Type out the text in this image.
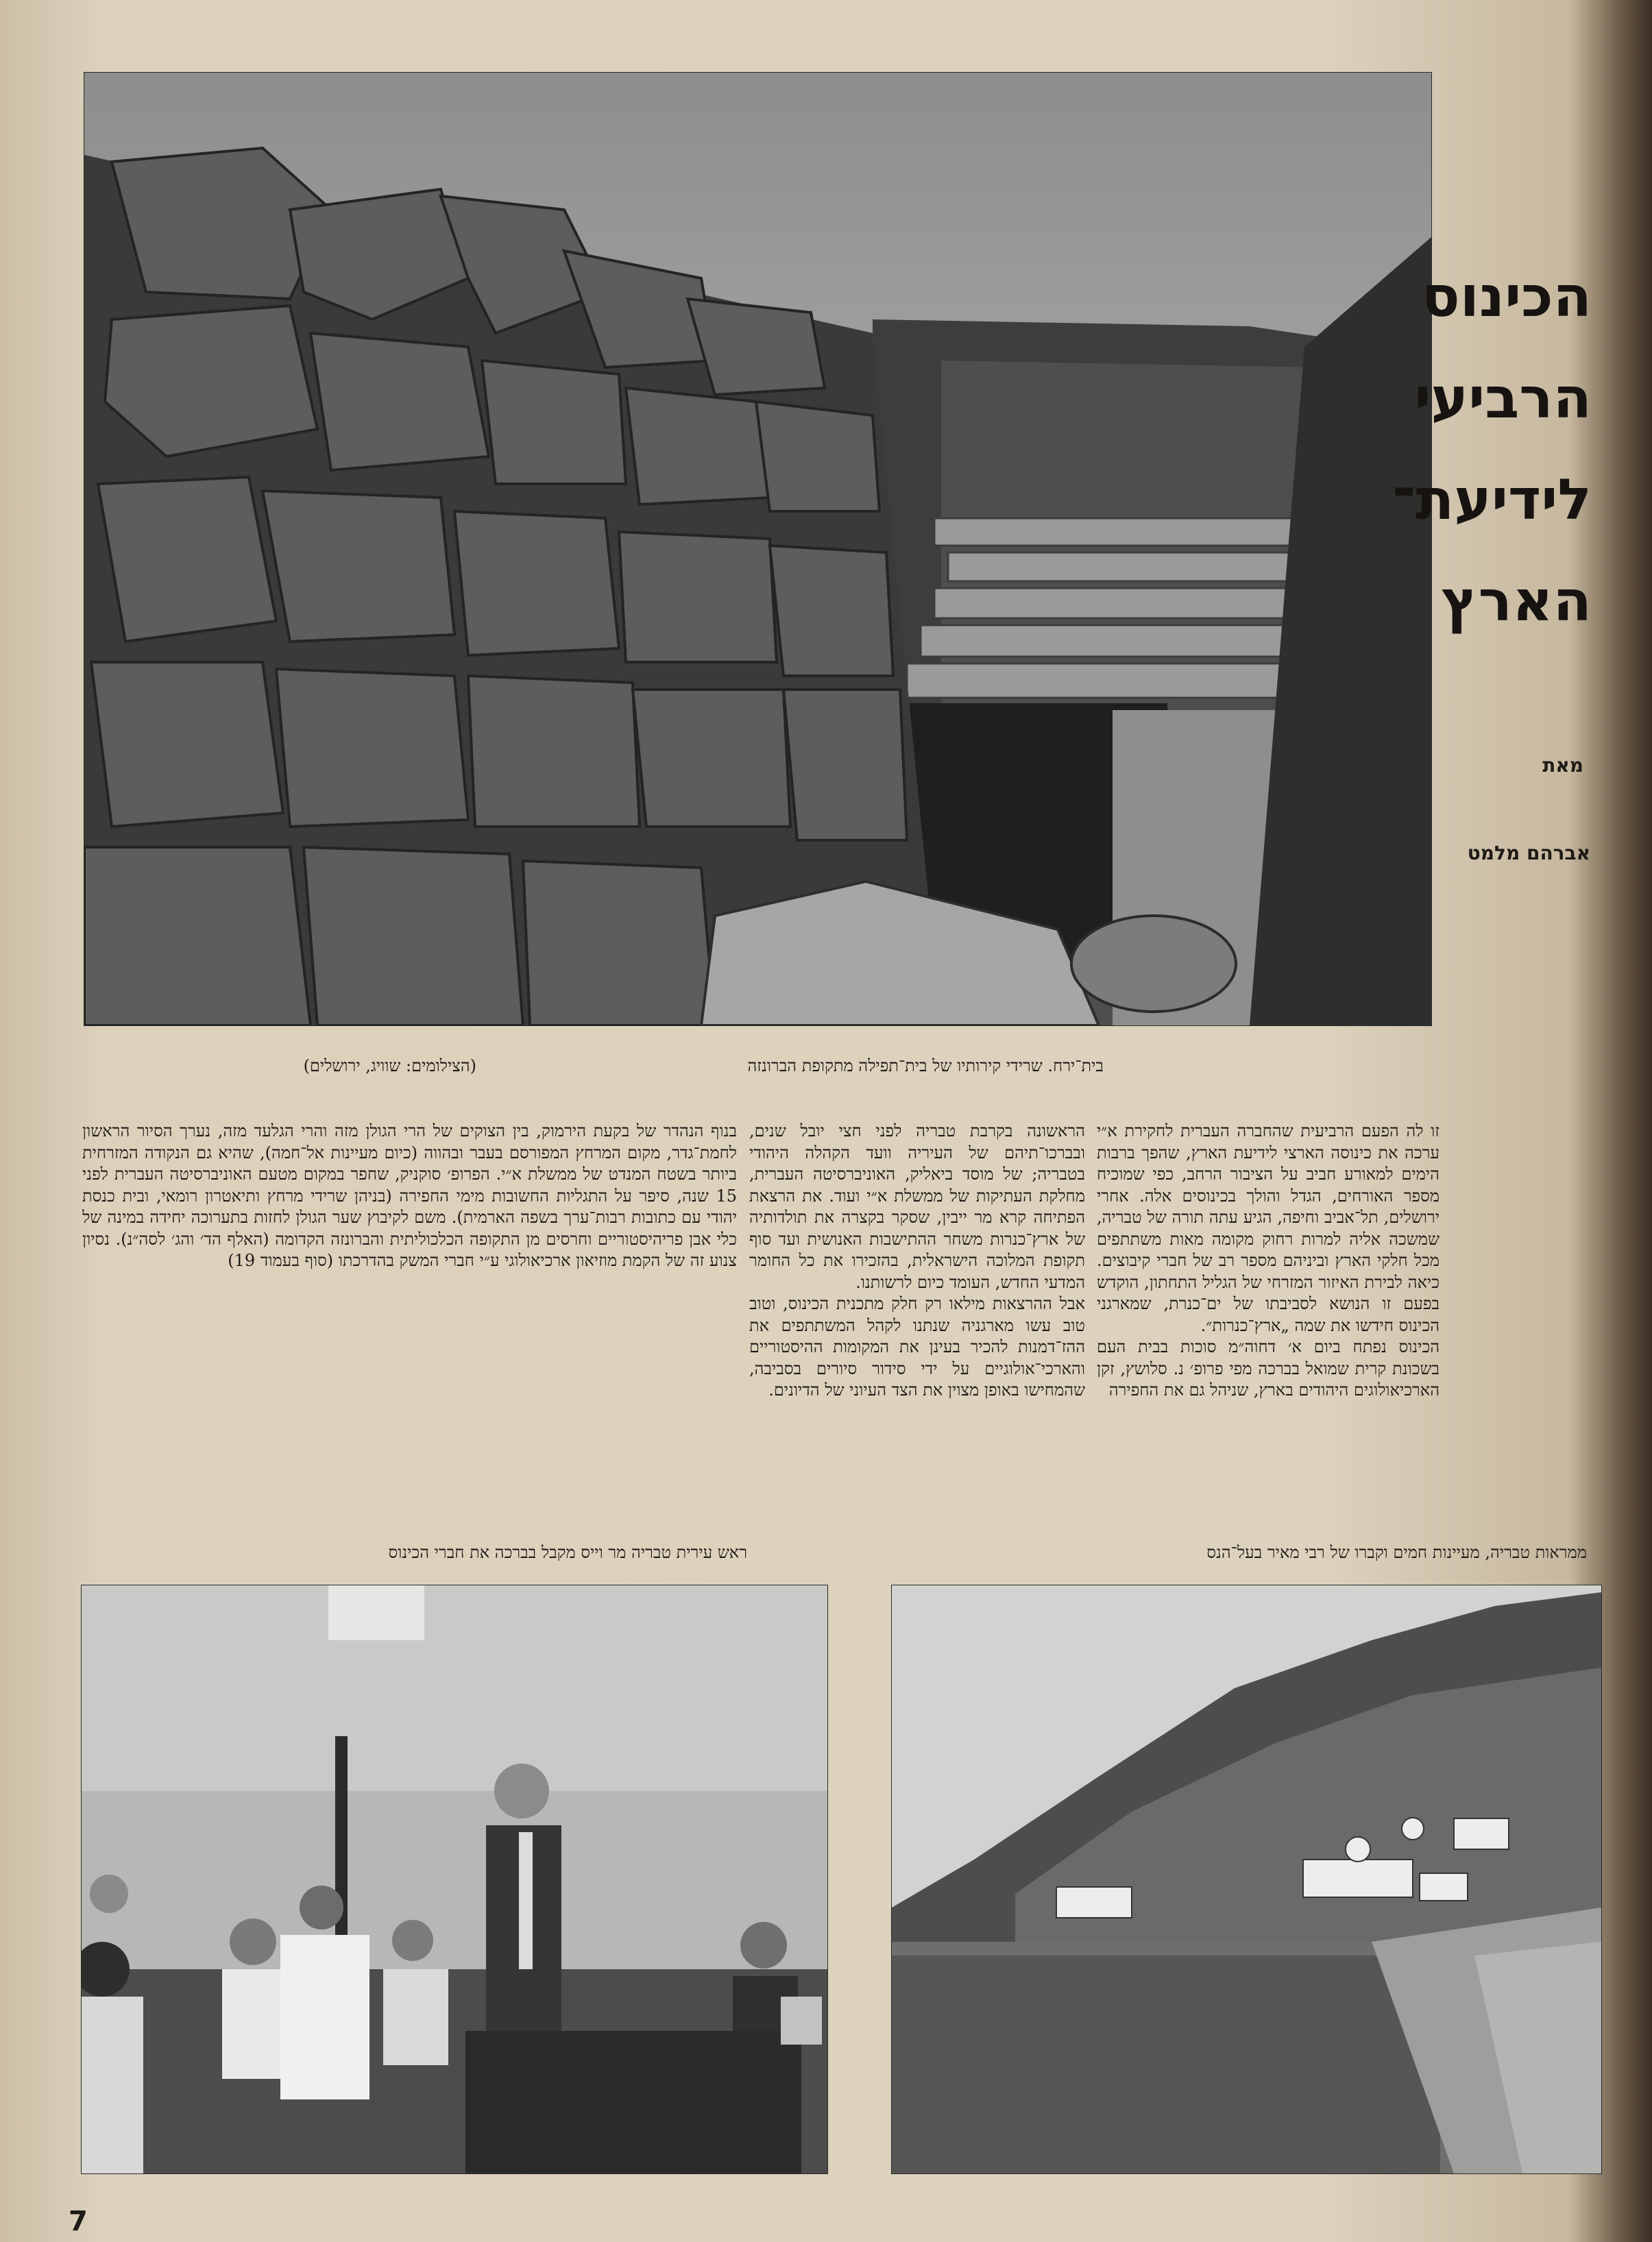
הכינוס
הרביעי
לידיעת־
הארץ
מאת
אברהם מלמט
בית־ירח. שרידי קירותיו של בית־תפילה מתקופת הברונזה
(הצילומים: שוויג, ירושלים)
זו לה הפעם הרביעית שהחברה העברית לחקירת א״י ערכה את כינוסה הארצי לידיעת הארץ, שהפך ברבות הימים למאורע חביב על הציבור הרחב, כפי שמוכיח מספר האורחים, הגדל והולך בכינוסים אלה. אחרי ירושלים, תל־אביב וחיפה, הגיע עתה תורה של טבריה, שמשכה אליה למרות רחוק מקומה מאות משתתפים מכל חלקי הארץ וביניהם מספר רב של חברי קיבוצים. כיאה לבירת האיזור המזרחי של הגליל התחתון, הוקדש בפעם זו הנושא לסביבתו של ים־כנרת, שמארגני הכינוס חידשו את שמה „ארץ־כנרות״.
הכינוס נפתח ביום א׳ דחוה״מ סוכות בבית העם בשכונת קרית שמואל בברכה מפי פרופ׳ נ. סלושץ, זקן הארכיאולוגים היהודים בארץ, שניהל גם את החפירה
הראשונה בקרבת טבריה לפני חצי יובל שנים, ובברכו־תיהם של העיריה וועד הקהלה היהודי בטבריה; של מוסד ביאליק, האוניברסיטה העברית, מחלקת העתיקות של ממשלת א״י ועוד. את הרצאת הפתיחה קרא מר ייבין, שסקר בקצרה את תולדותיה של ארץ־כנרות משחר ההתישבות האנושית ועד סוף תקופת המלוכה הישראלית, בהזכירו את כל החומר המדעי החדש, העומד כיום לרשותנו.
אבל ההרצאות מילאו רק חלק מתכנית הכינוס, וטוב טוב עשו מארגניה שנתנו לקהל המשתתפים את ההז־דמנות להכיר בעינן את המקומות ההיסטוריים והארכי־אולוגיים על ידי סידור סיורים בסביבה, שהמחישו באופן מצוין את הצד העיוני של הדיונים.
בנוף הנהדר של בקעת הירמוק, בין הצוקים של הרי הגולן מזה והרי הגלעד מזה, נערך הסיור הראשון לחמת־גדר, מקום המרחץ המפורסם בעבר ובהווה (כיום מעיינות אל־חמה), שהיא גם הנקודה המזרחית ביותר בשטח המנדט של ממשלת א״י. הפרופ׳ סוקניק, שחפר במקום מטעם האוניברסיטה העברית לפני 15 שנה, סיפר על התגליות החשובות מימי החפירה (בניהן שרידי מרחץ ותיאטרון רומאי, ובית כנסת יהודי עם כתובות רבות־ערך בשפה הארמית). משם לקיבוץ שער הגולן לחזות בתערוכה יחידה במינה של כלי אבן פריהיסטוריים וחרסים מן התקופה הכלכוליתית והברונזה הקדומה (האלף הד׳ והג׳ לסה״נ). נסיון צנוע זה של הקמת מוזיאון ארכיאולוגי ע״י חברי המשק בהדרכתו (סוף בעמוד 19)
ממראות טבריה, מעיינות חמים וקברו של רבי מאיר בעל־הנס
ראש עירית טבריה מר וייס מקבל בברכה את חברי הכינוס
7
